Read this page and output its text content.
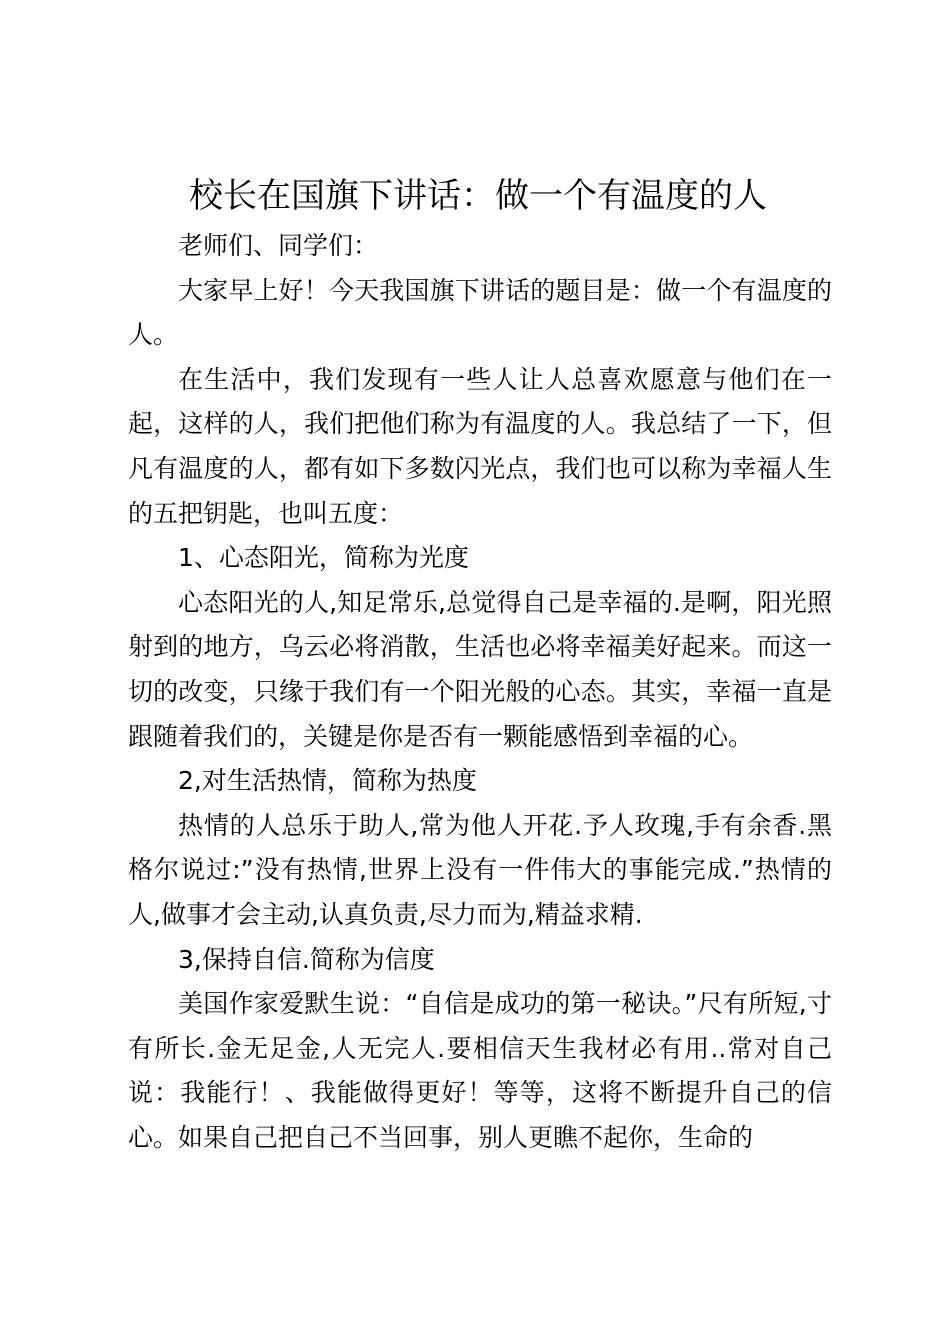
校长在国旗下讲话：做一个有温度的人

老师们、同学们：

大家早上好！今天我国旗下讲话的题目是：做一个有温度的人。

在生活中，我们发现有一些人让人总喜欢愿意与他们在一起，这样的人，我们把他们称为有温度的人。我总结了一下，但凡有温度的人，都有如下多数闪光点，我们也可以称为幸福人生的五把钥匙，也叫五度：

1、心态阳光，简称为光度

心态阳光的人,知足常乐,总觉得自己是幸福的.是啊，阳光照射到的地方，乌云必将消散，生活也必将幸福美好起来。而这一切的改变，只缘于我们有一个阳光般的心态。其实，幸福一直是跟随着我们的，关键是你是否有一颗能感悟到幸福的心。

2,对生活热情，简称为热度

热情的人总乐于助人,常为他人开花.予人玫瑰,手有余香.黑格尔说过:”没有热情,世界上没有一件伟大的事能完成.”热情的人,做事才会主动,认真负责,尽力而为,精益求精.

3,保持自信.简称为信度

美国作家爱默生说：“自信是成功的第一秘诀。”尺有所短,寸有所长.金无足金,人无完人.要相信天生我材必有用..常对自己说：我能行！、我能做得更好！等等，这将不断提升自己的信心。如果自己把自己不当回事，别人更瞧不起你，生命的
